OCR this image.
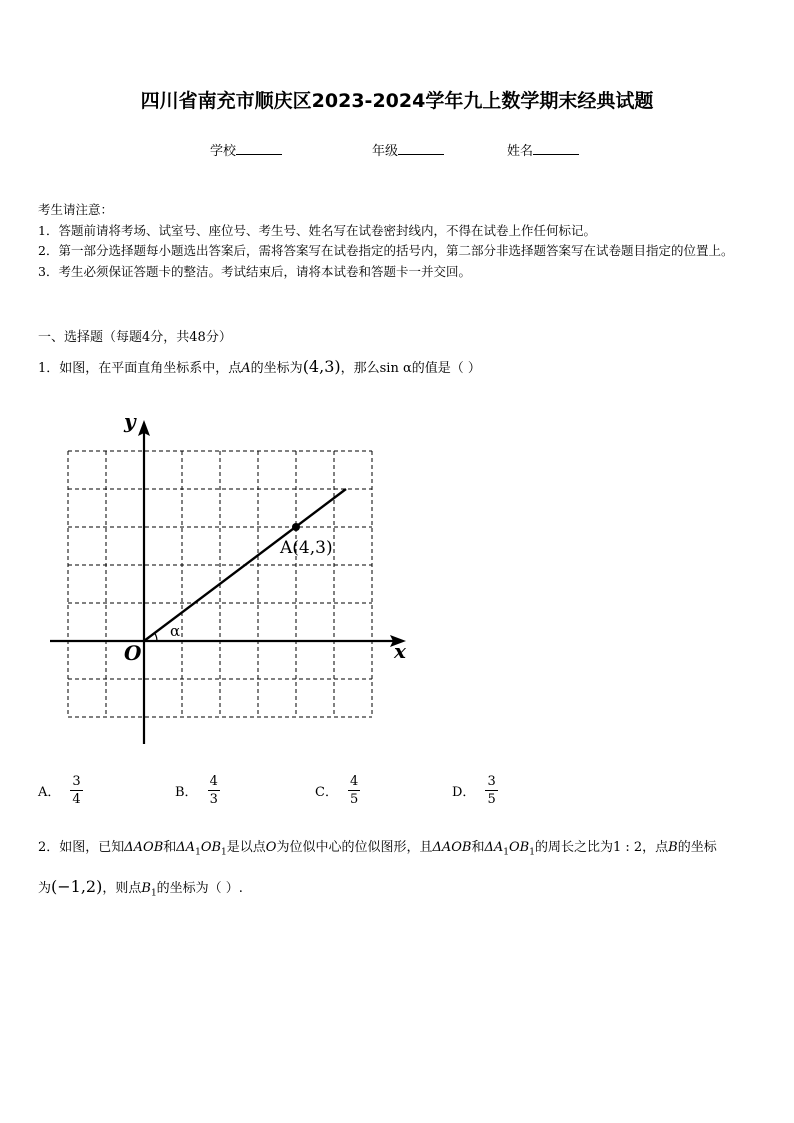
四川省南充市顺庆区2023-2024学年九上数学期末经典试题
学校	年级	姓名
考生请注意：
1．答题前请将考场、试室号、座位号、考生号、姓名写在试卷密封线内，不得在试卷上作任何标记。
2．第一部分选择题每小题选出答案后，需将答案写在试卷指定的括号内，第二部分非选择题答案写在试卷题目指定的位置上。
3．考生必须保证答题卡的整洁。考试结束后，请将本试卷和答题卡一并交回。
一、选择题（每题4分，共48分）
1．如图，在平面直角坐标系中，点A的坐标为(4,3)，那么sin α的值是（ ）
y
x
O
A(4,3)
α
A． $\frac{3}{4}$	B． $\frac{4}{3}$	C． $\frac{4}{5}$	D． $\frac{3}{5}$
2．如图，已知ΔAOB和$\Delta A_1OB_1$是以点O为位似中心的位似图形，且ΔAOB和$\Delta A_1OB_1$的周长之比为1 : 2，点B的坐标
为(−1,2)，则点$B_1$的坐标为（ ）.
